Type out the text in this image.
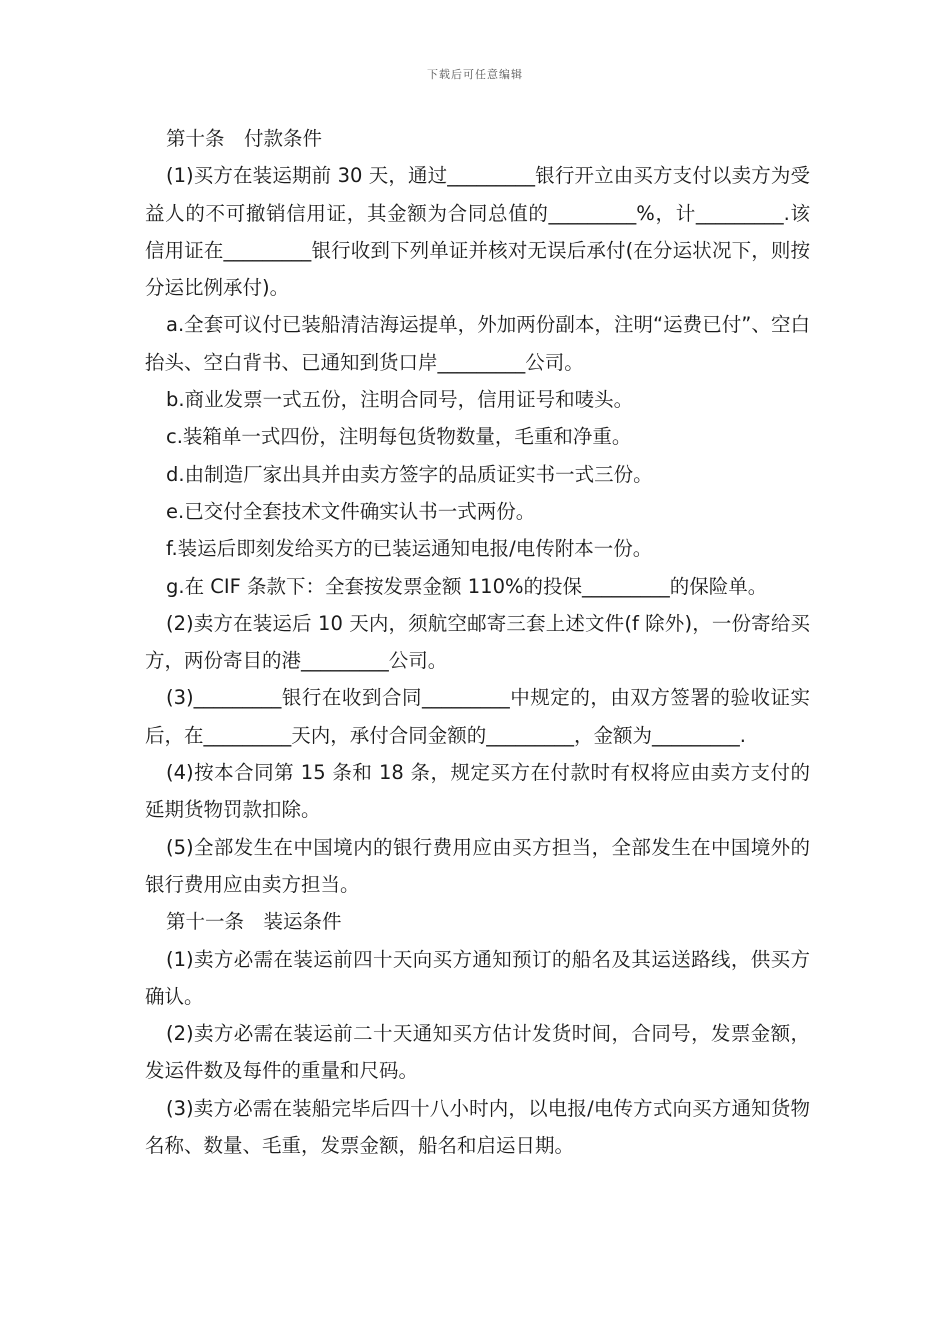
下载后可任意编辑

第十条　付款条件

(1)买方在装运期前 30 天，通过_________银行开立由买方支付以卖方为受益人的不可撤销信用证，其金额为合同总值的_________%，计_________.该信用证在_________银行收到下列单证并核对无误后承付(在分运状况下，则按分运比例承付)。

a.全套可议付已装船清洁海运提单，外加两份副本，注明“运费已付”、空白抬头、空白背书、已通知到货口岸_________公司。

b.商业发票一式五份，注明合同号，信用证号和唛头。

c.装箱单一式四份，注明每包货物数量，毛重和净重。

d.由制造厂家出具并由卖方签字的品质证实书一式三份。

e.已交付全套技术文件确实认书一式两份。

f.装运后即刻发给买方的已装运通知电报/电传附本一份。

g.在 CIF 条款下：全套按发票金额 110%的投保_________的保险单。

(2)卖方在装运后 10 天内，须航空邮寄三套上述文件(f 除外)，一份寄给买方，两份寄目的港_________公司。

(3)_________银行在收到合同_________中规定的，由双方签署的验收证实后，在_________天内，承付合同金额的_________，金额为_________.

(4)按本合同第 15 条和 18 条，规定买方在付款时有权将应由卖方支付的延期货物罚款扣除。

(5)全部发生在中国境内的银行费用应由买方担当，全部发生在中国境外的银行费用应由卖方担当。

第十一条　装运条件

(1)卖方必需在装运前四十天向买方通知预订的船名及其运送路线，供买方确认。

(2)卖方必需在装运前二十天通知买方估计发货时间，合同号，发票金额，发运件数及每件的重量和尺码。

(3)卖方必需在装船完毕后四十八小时内，以电报/电传方式向买方通知货物名称、数量、毛重，发票金额，船名和启运日期。
